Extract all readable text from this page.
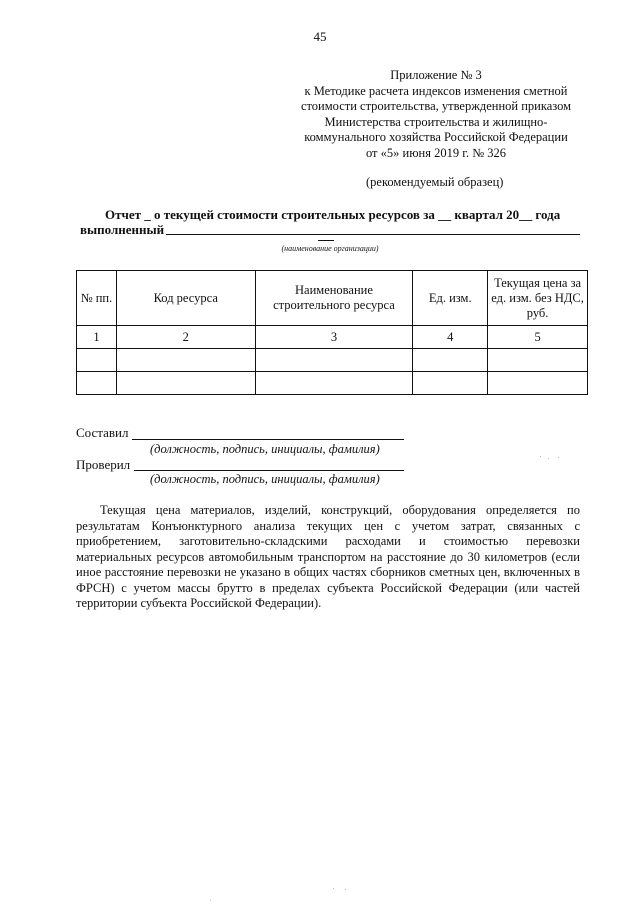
45
Приложение № 3
к Методике расчета индексов изменения сметной
стоимости строительства, утвержденной приказом
Министерства строительства и жилищно-
коммунального хозяйства Российской Федерации
от «5» июня 2019 г. № 326
(рекомендуемый образец)
Отчет _ о текущей стоимости строительных ресурсов за __ квартал 20__ года
выполненный
(наименование организации)
№ пп.	Код ресурса	Наименование строительного ресурса	Ед. изм.	Текущая цена за ед. изм. без НДС, руб.
1	2	3	4	5

Составил
(должность, подпись, инициалы, фамилия)
Проверил
(должность, подпись, инициалы, фамилия)

Текущая цена материалов, изделий, конструкций, оборудования определяется по результатам Конъюнктурного анализа текущих цен с учетом затрат, связанных с приобретением, заготовительно-складскими расходами и стоимостью перевозки материальных ресурсов автомобильным транспортом на расстояние до 30 километров (если иное расстояние перевозки не указано в общих частях сборников сметных цен, включенных в ФРСН) с учетом массы брутто в пределах субъекта Российской Федерации (или частей территории субъекта Российской Федерации).
